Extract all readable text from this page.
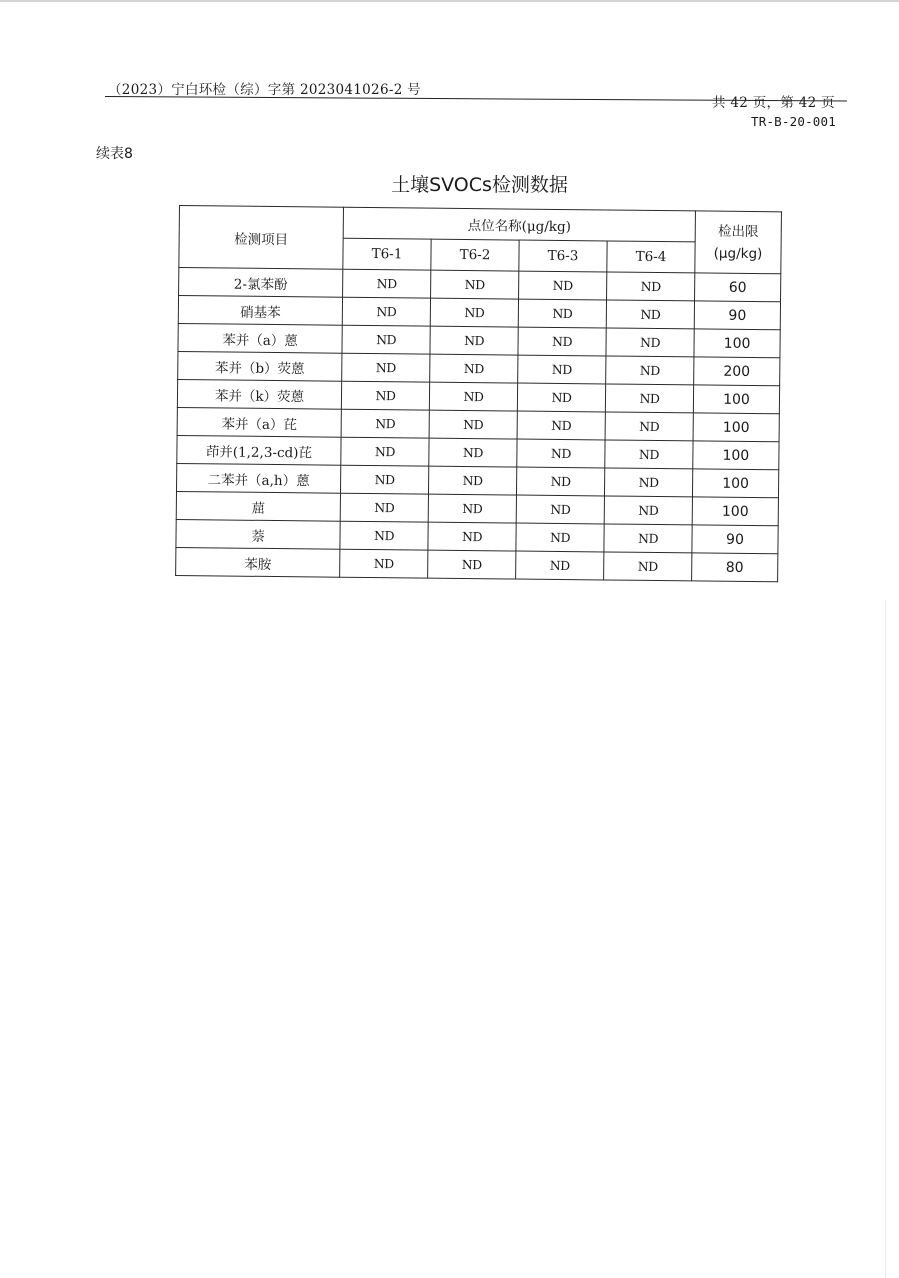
（2023）宁白环检（综）字第 2023041026-2 号
共 42 页，第 42 页
TR-B-20-001
续表8
土壤SVOCs检测数据
检测项目	点位名称(μg/kg)				检出限
(μg/kg)

	T6-1	T6-2	T6-3	T6-4	
2-氯苯酚	ND	ND	ND	ND	60
硝基苯	ND	ND	ND	ND	90
苯并（a）蒽	ND	ND	ND	ND	100
苯并（b）荧蒽	ND	ND	ND	ND	200
苯并（k）荧蒽	ND	ND	ND	ND	100
苯并（a）芘	ND	ND	ND	ND	100
茚并(1,2,3-cd)芘	ND	ND	ND	ND	100
二苯并（a,h）蒽	ND	ND	ND	ND	100
䓛	ND	ND	ND	ND	100
萘	ND	ND	ND	ND	90
苯胺	ND	ND	ND	ND	80
